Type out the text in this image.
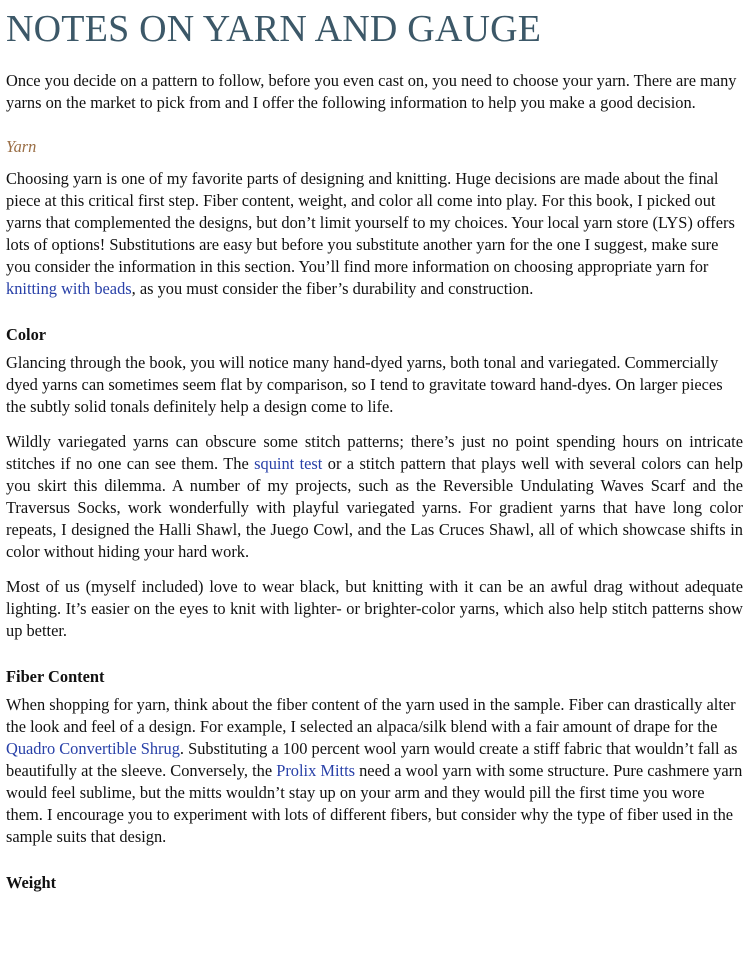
NOTES ON YARN AND GAUGE

Once you decide on a pattern to follow, before you even cast on, you need to choose your yarn. There are many yarns on the market to pick from and I offer the following information to help you make a good decision.

Yarn

Choosing yarn is one of my favorite parts of designing and knitting. Huge decisions are made about the final piece at this critical first step. Fiber content, weight, and color all come into play. For this book, I picked out yarns that complemented the designs, but don’t limit yourself to my choices. Your local yarn store (LYS) offers lots of options! Substitutions are easy but before you substitute another yarn for the one I suggest, make sure you consider the information in this section. You’ll find more information on choosing appropriate yarn for knitting with beads, as you must consider the fiber’s durability and construction.

Color

Glancing through the book, you will notice many hand-dyed yarns, both tonal and variegated. Commercially dyed yarns can sometimes seem flat by comparison, so I tend to gravitate toward hand-dyes. On larger pieces the subtly solid tonals definitely help a design come to life.

Wildly variegated yarns can obscure some stitch patterns; there’s just no point spending hours on intricate stitches if no one can see them. The squint test or a stitch pattern that plays well with several colors can help you skirt this dilemma. A number of my projects, such as the Reversible Undulating Waves Scarf and the Traversus Socks, work wonderfully with playful variegated yarns. For gradient yarns that have long color repeats, I designed the Halli Shawl, the Juego Cowl, and the Las Cruces Shawl, all of which showcase shifts in color without hiding your hard work.

Most of us (myself included) love to wear black, but knitting with it can be an awful drag without adequate lighting. It’s easier on the eyes to knit with lighter- or brighter-color yarns, which also help stitch patterns show up better.

Fiber Content

When shopping for yarn, think about the fiber content of the yarn used in the sample. Fiber can drastically alter the look and feel of a design. For example, I selected an alpaca/silk blend with a fair amount of drape for the Quadro Convertible Shrug. Substituting a 100 percent wool yarn would create a stiff fabric that wouldn’t fall as beautifully at the sleeve. Conversely, the Prolix Mitts need a wool yarn with some structure. Pure cashmere yarn would feel sublime, but the mitts wouldn’t stay up on your arm and they would pill the first time you wore them. I encourage you to experiment with lots of different fibers, but consider why the type of fiber used in the sample suits that design.

Weight
